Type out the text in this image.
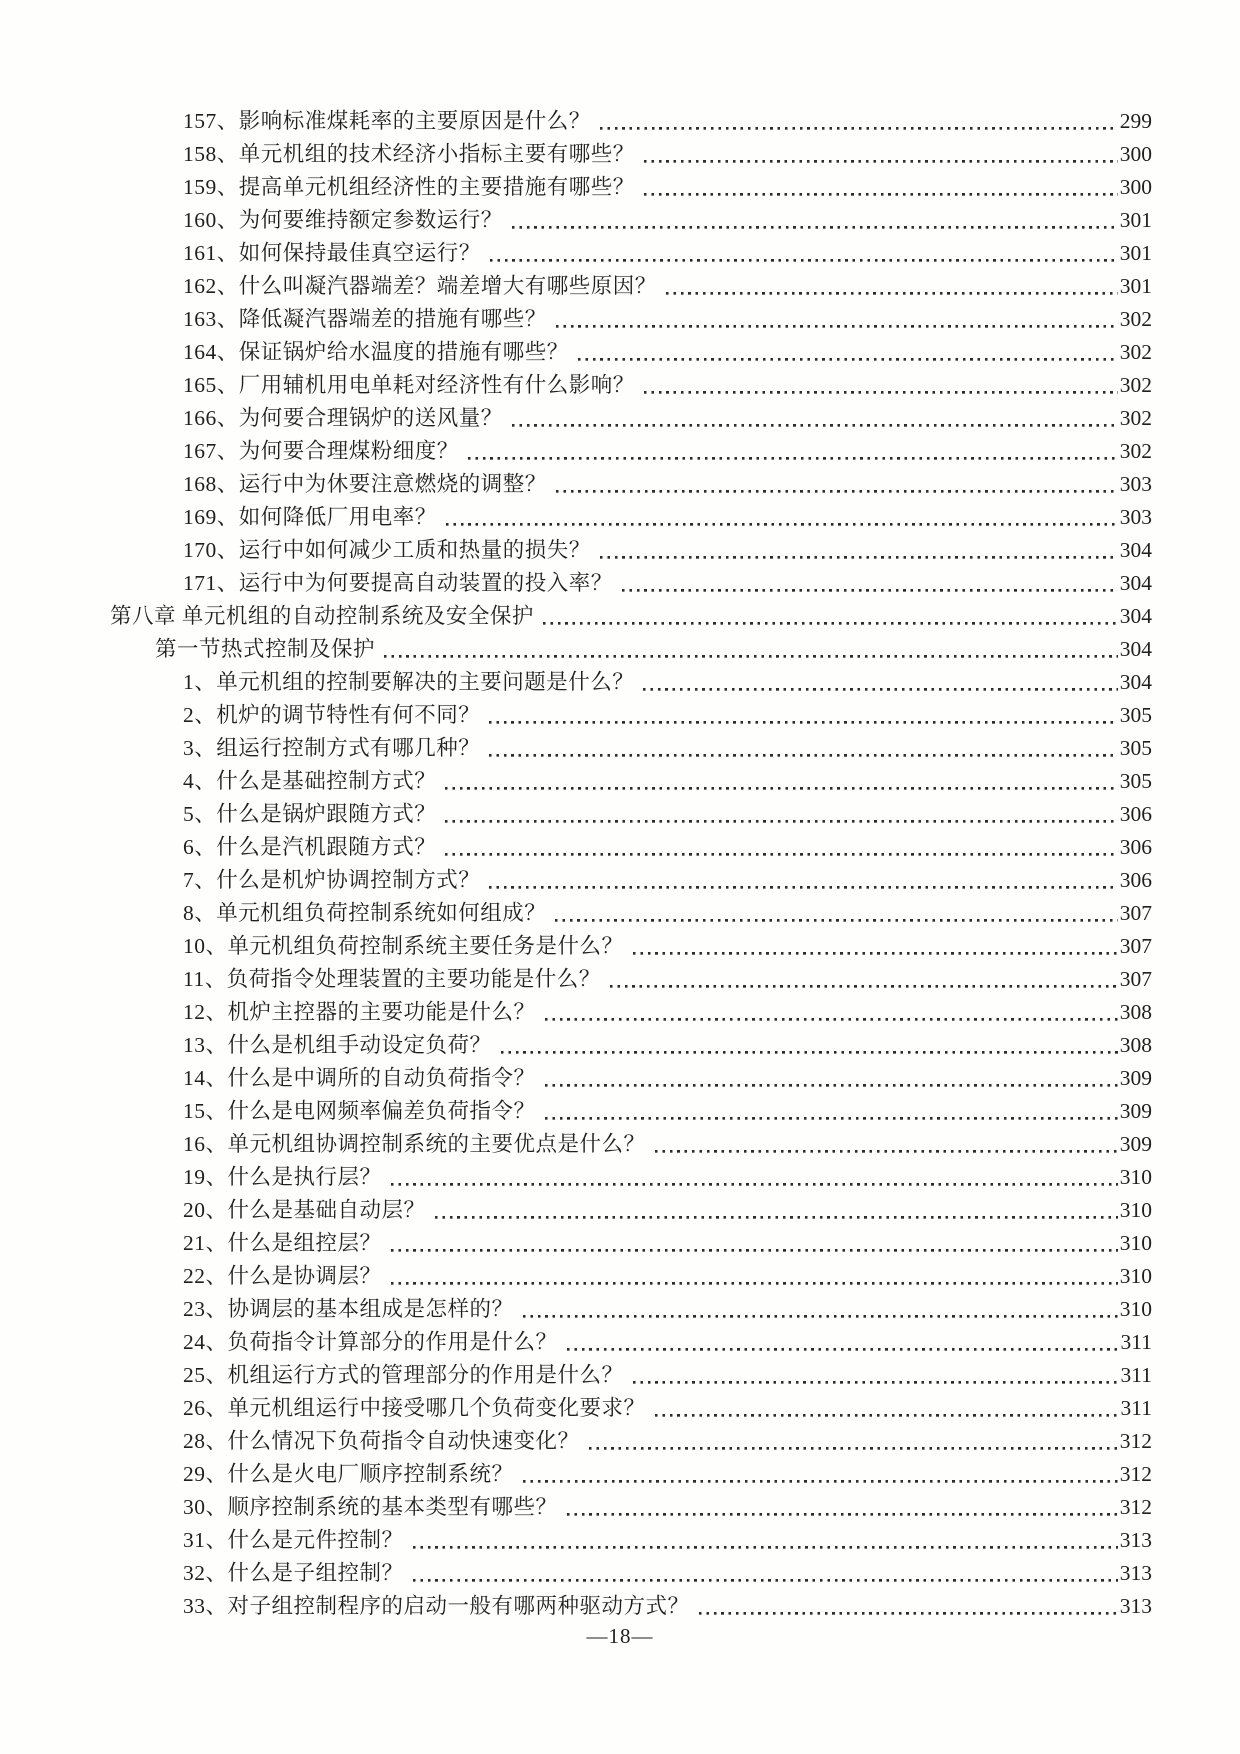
157、影响标准煤耗率的主要原因是什么？	299
158、单元机组的技术经济小指标主要有哪些？	300
159、提高单元机组经济性的主要措施有哪些？	300
160、为何要维持额定参数运行？	301
161、如何保持最佳真空运行？	301
162、什么叫凝汽器端差？端差增大有哪些原因？	301
163、降低凝汽器端差的措施有哪些？	302
164、保证锅炉给水温度的措施有哪些？	302
165、厂用辅机用电单耗对经济性有什么影响？	302
166、为何要合理锅炉的送风量？	302
167、为何要合理煤粉细度？	302
168、运行中为休要注意燃烧的调整？	303
169、如何降低厂用电率？	303
170、运行中如何减少工质和热量的损失？	304
171、运行中为何要提高自动装置的投入率？	304
第八章 单元机组的自动控制系统及安全保护	304
第一节热式控制及保护	304
1、单元机组的控制要解决的主要问题是什么？	304
2、机炉的调节特性有何不同？	305
3、组运行控制方式有哪几种？	305
4、什么是基础控制方式？	305
5、什么是锅炉跟随方式？	306
6、什么是汽机跟随方式？	306
7、什么是机炉协调控制方式？	306
8、单元机组负荷控制系统如何组成？	307
10、单元机组负荷控制系统主要任务是什么？	307
11、负荷指令处理装置的主要功能是什么？	307
12、机炉主控器的主要功能是什么？	308
13、什么是机组手动设定负荷？	308
14、什么是中调所的自动负荷指令？	309
15、什么是电网频率偏差负荷指令？	309
16、单元机组协调控制系统的主要优点是什么？	309
19、什么是执行层？	310
20、什么是基础自动层？	310
21、什么是组控层？	310
22、什么是协调层？	310
23、协调层的基本组成是怎样的？	310
24、负荷指令计算部分的作用是什么？	311
25、机组运行方式的管理部分的作用是什么？	311
26、单元机组运行中接受哪几个负荷变化要求？	311
28、什么情况下负荷指令自动快速变化？	312
29、什么是火电厂顺序控制系统？	312
30、顺序控制系统的基本类型有哪些？	312
31、什么是元件控制？	313
32、什么是子组控制？	313
33、对子组控制程序的启动一般有哪两种驱动方式？	313
—18—
